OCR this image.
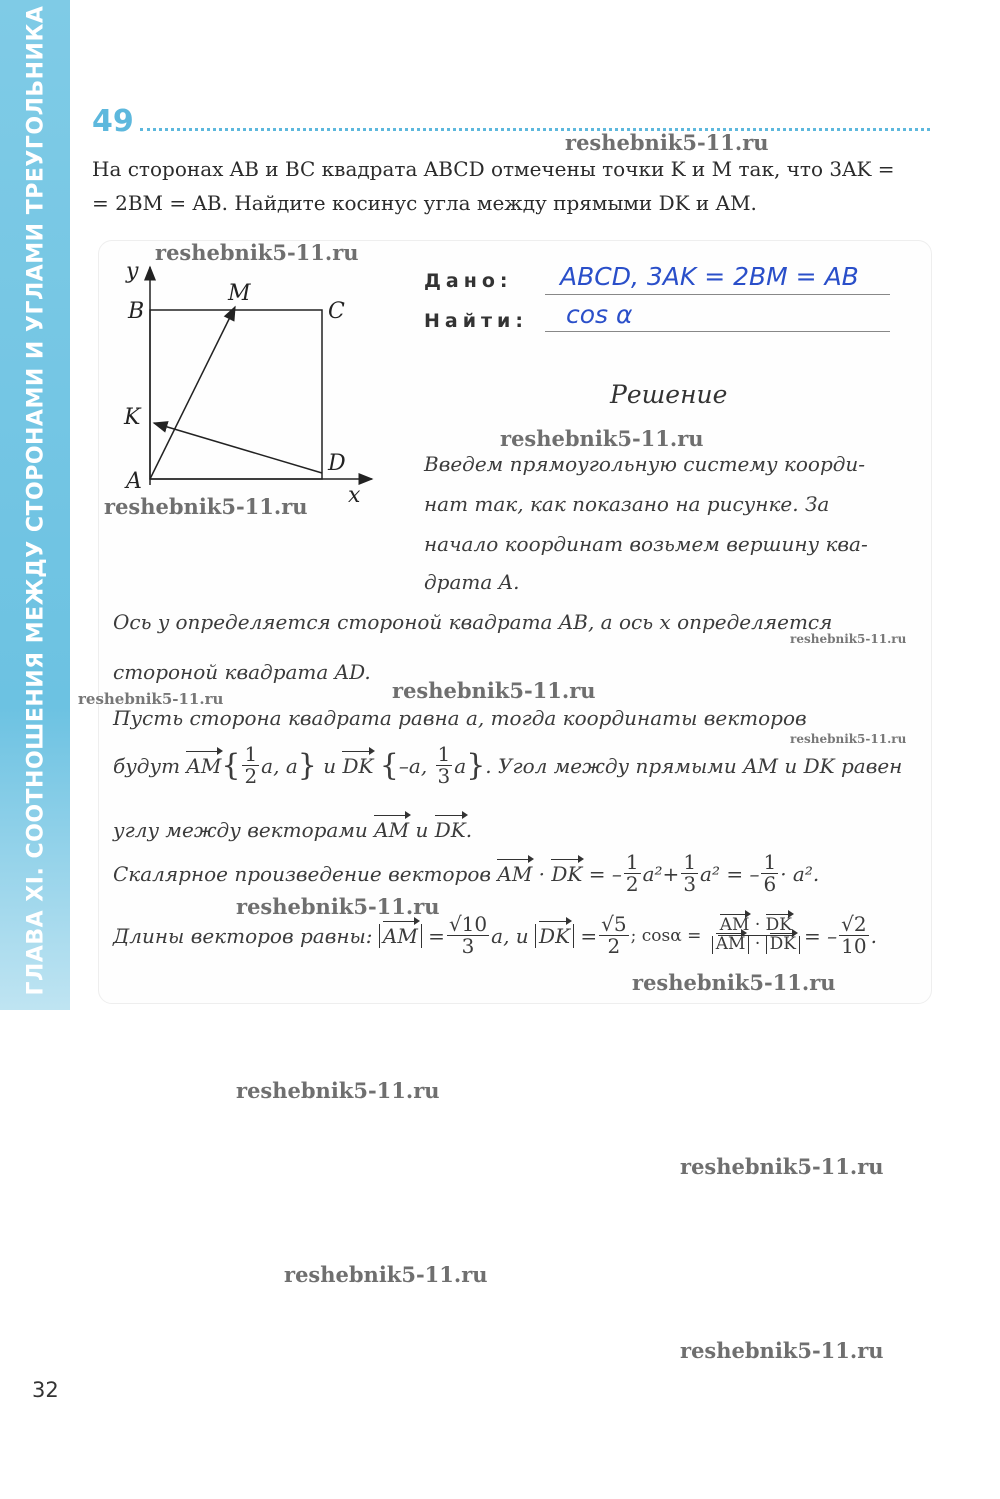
ГЛАВА XI. СООТНОШЕНИЯ МЕЖДУ СТОРОНАМИ И УГЛАМИ ТРЕУГОЛЬНИКА 49
На сторонах AB и BC квадрата ABCD отмечены точки K и M так, что 3AK =
= 2BM = AB. Найдите косинус угла между прямыми DK и AM.
y
x
B	C
M
K
A
D
Дано: ABCD, 3AK = 2BM = AB
Найти: cos α
Решение
Введем прямоугольную систему коорди-
нат так, как показано на рисунке. За
начало координат возьмем вершину ква-
драта A.
Ось y определяется стороной квадрата AB, а ось x определяется
стороной квадрата AD.
Пусть сторона квадрата равна a, тогда координаты векторов
будут
AM { $\frac{1}{2} a$,
a }
и
DK
{ –a,
$\frac{1}{3}$ a } . Угол между прямыми AM и DK равен
углу между векторами AM и DK.
Скалярное произведение векторов
AM
·
DK
= – $\frac{1}{2} a^2 + \frac{1}{3} a^2$
= – $\frac{1}{6} \cdot a^2$.
Длины векторов равны:
AM
= $\frac{√10}{3} a$, и
DK
= $\frac{√5}{2}$ ; cosα =
$\frac{AM \cdot DK}{AM \cdot DK}$ = – $\frac{√2}{10}$ .
reshebnik5-11.ru
reshebnik5-11.ru
reshebnik5-11.ru
reshebnik5-11.ru
reshebnik5-11.ru
reshebnik5-11.ru
reshebnik5-11.ru
reshebnik5-11.ru
reshebnik5-11.ru
reshebnik5-11.ru
reshebnik5-11.ru
reshebnik5-11.ru
reshebnik5-11.ru
reshebnik5-11.ru
32
